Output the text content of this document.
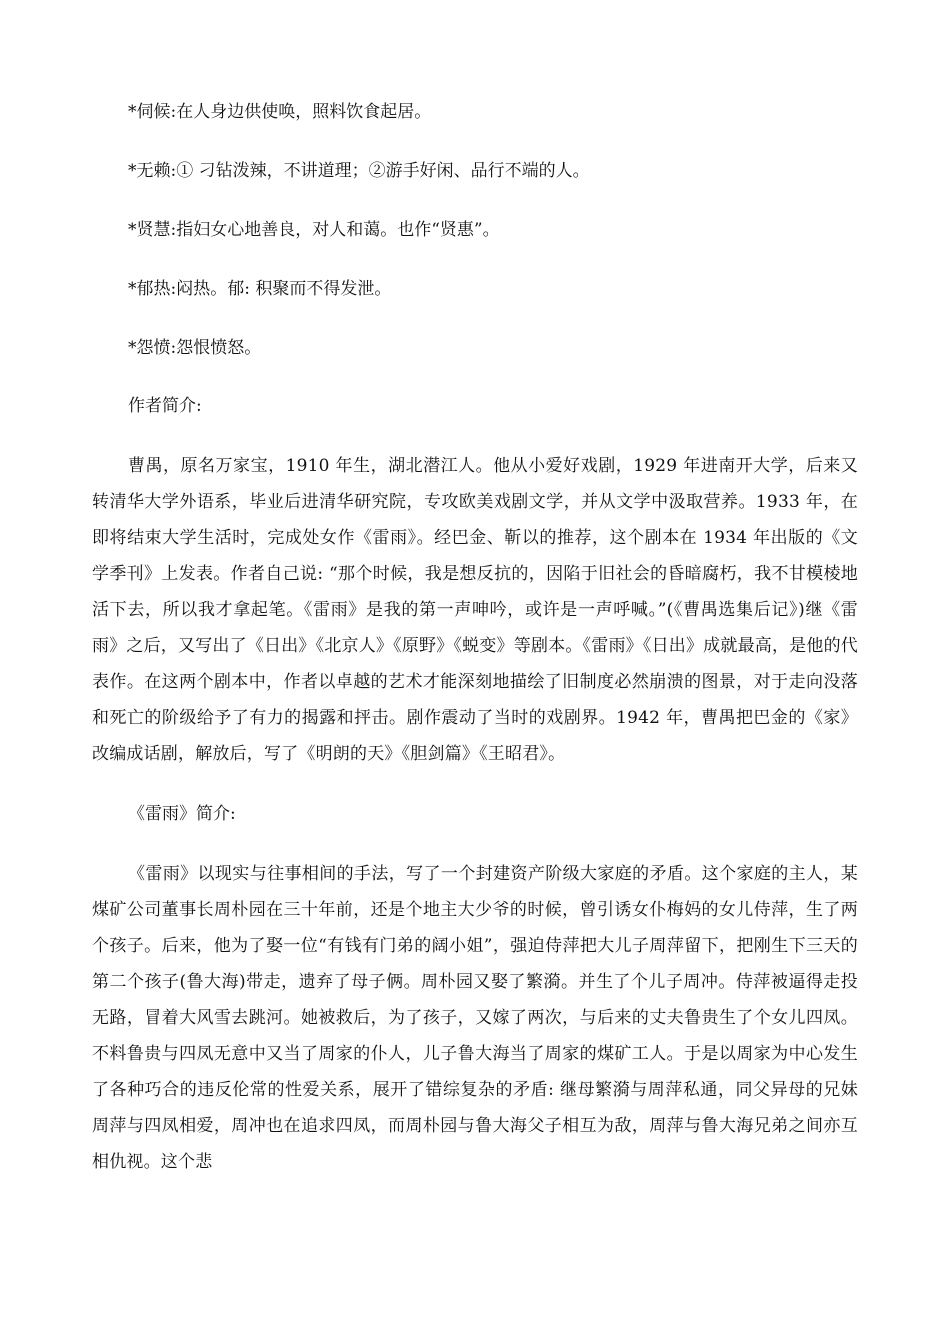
*伺候:在人身边供使唤，照料饮食起居。

*无赖:① 刁钻泼辣，不讲道理；②游手好闲、品行不端的人。

*贤慧:指妇女心地善良，对人和蔼。也作“贤惠”。

*郁热:闷热。郁: 积聚而不得发泄。

*怨愤:怨恨愤怒。

作者简介:

曹禺，原名万家宝，1910 年生，湖北潜江人。他从小爱好戏剧，1929 年进南开大学，后来又转清华大学外语系，毕业后进清华研究院，专攻欧美戏剧文学，并从文学中汲取营养。1933 年，在即将结束大学生活时，完成处女作《雷雨》。经巴金、靳以的推荐，这个剧本在 1934 年出版的《文学季刊》上发表。作者自己说: “那个时候，我是想反抗的，因陷于旧社会的昏暗腐朽，我不甘模棱地活下去，所以我才拿起笔。《雷雨》是我的第一声呻吟，或许是一声呼喊。”(《曹禺选集后记》)继《雷雨》之后，又写出了《日出》《北京人》《原野》《蜕变》等剧本。《雷雨》《日出》成就最高，是他的代表作。在这两个剧本中，作者以卓越的艺术才能深刻地描绘了旧制度必然崩溃的图景，对于走向没落和死亡的阶级给予了有力的揭露和抨击。剧作震动了当时的戏剧界。1942 年，曹禺把巴金的《家》改编成话剧，解放后，写了《明朗的天》《胆剑篇》《王昭君》。

《雷雨》简介:

《雷雨》以现实与往事相间的手法，写了一个封建资产阶级大家庭的矛盾。这个家庭的主人，某煤矿公司董事长周朴园在三十年前，还是个地主大少爷的时候，曾引诱女仆梅妈的女儿侍萍，生了两个孩子。后来，他为了娶一位“有钱有门弟的阔小姐”，强迫侍萍把大儿子周萍留下，把刚生下三天的第二个孩子(鲁大海)带走，遗弃了母子俩。周朴园又娶了繁漪。并生了个儿子周冲。侍萍被逼得走投无路，冒着大风雪去跳河。她被救后，为了孩子，又嫁了两次，与后来的丈夫鲁贵生了个女儿四凤。不料鲁贵与四凤无意中又当了周家的仆人，儿子鲁大海当了周家的煤矿工人。于是以周家为中心发生了各种巧合的违反伦常的性爱关系，展开了错综复杂的矛盾: 继母繁漪与周萍私通，同父异母的兄妹周萍与四凤相爱，周冲也在追求四凤，而周朴园与鲁大海父子相互为敌，周萍与鲁大海兄弟之间亦互相仇视。这个悲
